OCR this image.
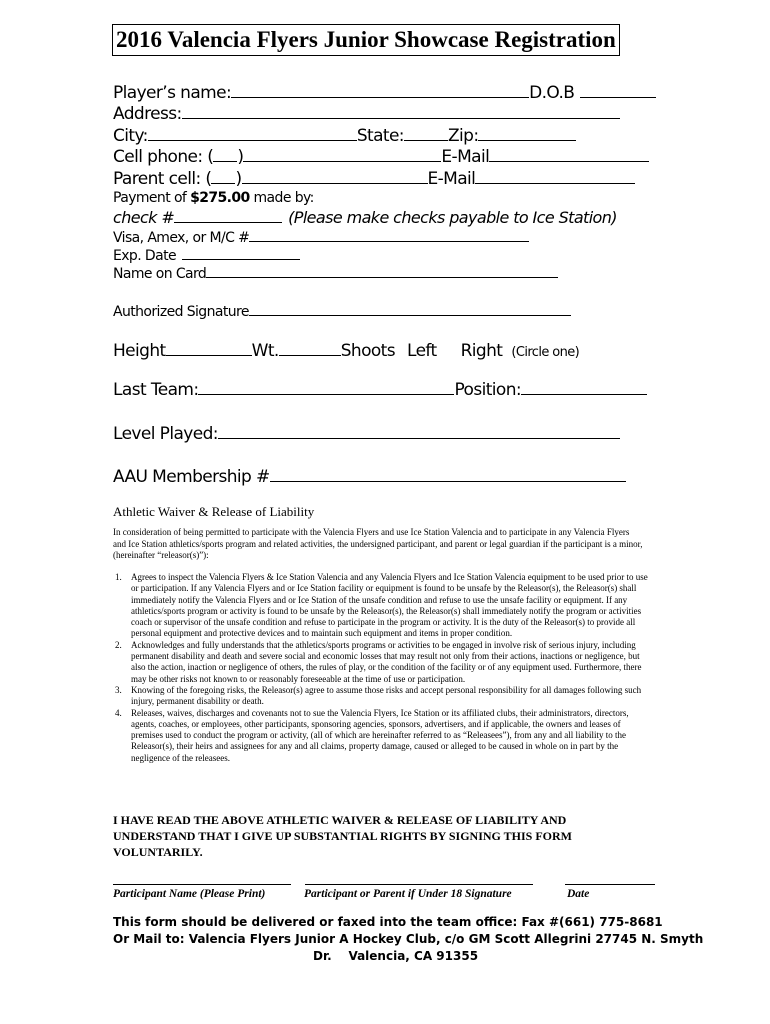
2016 Valencia Flyers Junior Showcase Registration
Player’s name:	D.O.B
Address:
City:	State:	Zip:
Cell phone: ( )	E-Mail
Parent cell: ( )	E-Mail
Payment of $275.00 made by:
check #	(Please make checks payable to Ice Station)
Visa, Amex, or M/C #
Exp. Date
Name on Card
Authorized Signature
Height	Wt.	Shoots Left Right (Circle one)
Last Team:	Position:
Level Played:
AAU Membership #
Athletic Waiver & Release of Liability
In consideration of being permitted to participate with the Valencia Flyers and use Ice Station Valencia and to participate in any Valencia Flyers and Ice Station athletics/sports program and related activities, the undersigned participant, and parent or legal guardian if the participant is a minor, (hereinafter “releasor(s)”):
1. Agrees to inspect the Valencia Flyers & Ice Station Valencia and any Valencia Flyers and Ice Station Valencia equipment to be used prior to use or participation. If any Valencia Flyers and or Ice Station facility or equipment is found to be unsafe by the Releasor(s), the Releasor(s) shall immediately notify the Valencia Flyers and or Ice Station of the unsafe condition and refuse to use the unsafe facility or equipment. If any athletics/sports program or activity is found to be unsafe by the Releasor(s), the Releasor(s) shall immediately notify the program or activities coach or supervisor of the unsafe condition and refuse to participate in the program or activity. It is the duty of the Releasor(s) to provide all personal equipment and protective devices and to maintain such equipment and items in proper condition.
2. Acknowledges and fully understands that the athletics/sports programs or activities to be engaged in involve risk of serious injury, including permanent disability and death and severe social and economic losses that may result not only from their actions, inactions or negligence, but also the action, inaction or negligence of others, the rules of play, or the condition of the facility or of any equipment used. Furthermore, there may be other risks not known to or reasonably foreseeable at the time of use or participation.
3. Knowing of the foregoing risks, the Releasor(s) agree to assume those risks and accept personal responsibility for all damages following such injury, permanent disability or death.
4. Releases, waives, discharges and covenants not to sue the Valencia Flyers, Ice Station or its affiliated clubs, their administrators, directors, agents, coaches, or employees, other participants, sponsoring agencies, sponsors, advertisers, and if applicable, the owners and leases of premises used to conduct the program or activity, (all of which are hereinafter referred to as “Releasees”), from any and all liability to the Releasor(s), their heirs and assignees for any and all claims, property damage, caused or alleged to be caused in whole on in part by the negligence of the releasees.
I HAVE READ THE ABOVE ATHLETIC WAIVER & RELEASE OF LIABILITY AND UNDERSTAND THAT I GIVE UP SUBSTANTIAL RIGHTS BY SIGNING THIS FORM VOLUNTARILY.
Participant Name (Please Print)	Participant or Parent if Under 18 Signature	Date
This form should be delivered or faxed into the team office: Fax #(661) 775-8681
Or Mail to: Valencia Flyers Junior A Hockey Club, c/o GM Scott Allegrini 27745 N. Smyth
Dr.    Valencia, CA 91355
